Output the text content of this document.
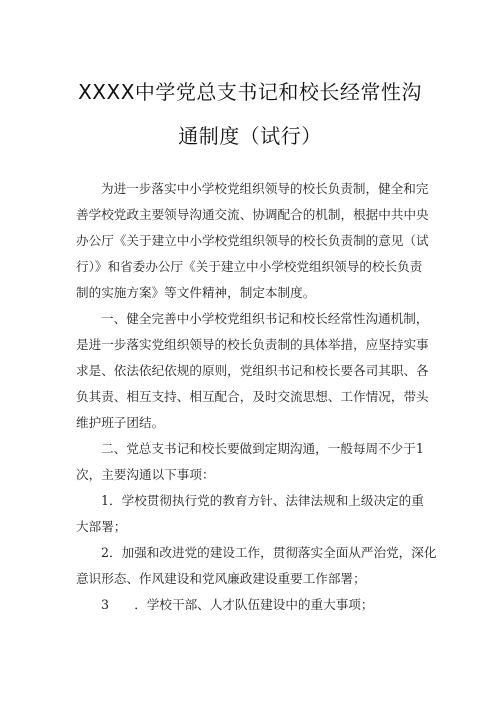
XXXX中学党总支书记和校长经常性沟
通制度（试行）
为进一步落实中小学校党组织领导的校长负责制，健全和完
善学校党政主要领导沟通交流、协调配合的机制，根据中共中央
办公厅《关于建立中小学校党组织领导的校长负责制的意见（试
行）》和省委办公厅《关于建立中小学校党组织领导的校长负责
制的实施方案》等文件精神，制定本制度。
一、健全完善中小学校党组织书记和校长经常性沟通机制，
是进一步落实党组织领导的校长负责制的具体举措，应坚持实事
求是、依法依纪依规的原则，党组织书记和校长要各司其职、各
负其责、相互支持、相互配合，及时交流思想、工作情况，带头
维护班子团结。
二、党总支书记和校长要做到定期沟通，一般每周不少于1
次，主要沟通以下事项：
1．学校贯彻执行党的教育方针、法律法规和上级决定的重
大部署；
2．加强和改进党的建设工作，贯彻落实全面从严治党，深化
意识形态、作风建设和党风廉政建设重要工作部署；
3　　．学校干部、人才队伍建设中的重大事项；
